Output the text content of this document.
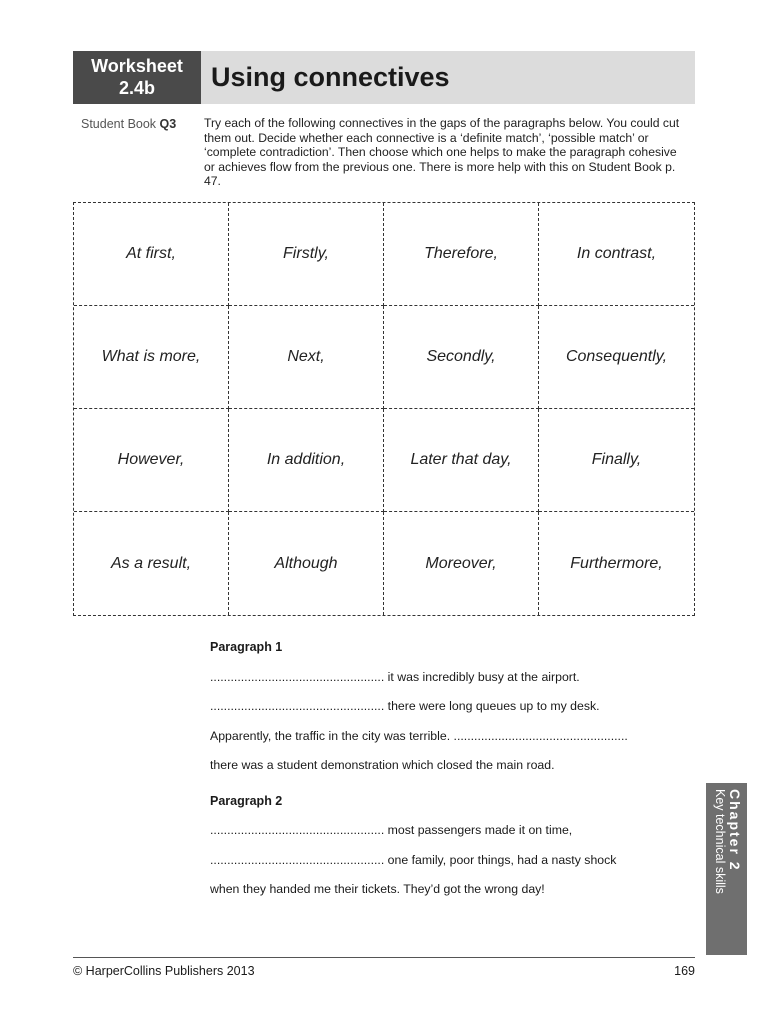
Worksheet
2.4b	Using connectives
Student Book Q3 Try each of the following connectives in the gaps of the paragraphs below. You could cut them out. Decide whether each connective is a ‘definite match’, ‘possible match’ or ‘complete contradiction’. Then choose which one helps to make the paragraph cohesive or achieves flow from the previous one. There is more help with this on Student Book p. 47.
At first,	Firstly,	Therefore,	In contrast,
What is more,	Next,	Secondly,	Consequently,
However,	In addition,	Later that day,	Finally,
As a result,	Although	Moreover,	Furthermore,
Paragraph 1
................................................... it was incredibly busy at the airport.
................................................... there were long queues up to my desk.
Apparently, the traffic in the city was terrible. ...................................................
there was a student demonstration which closed the main road.
Paragraph 2
................................................... most passengers made it on time,
................................................... one family, poor things, had a nasty shock
when they handed me their tickets. They’d got the wrong day!
Chapter 2
Key technical skills
© HarperCollins Publishers 2013	169
